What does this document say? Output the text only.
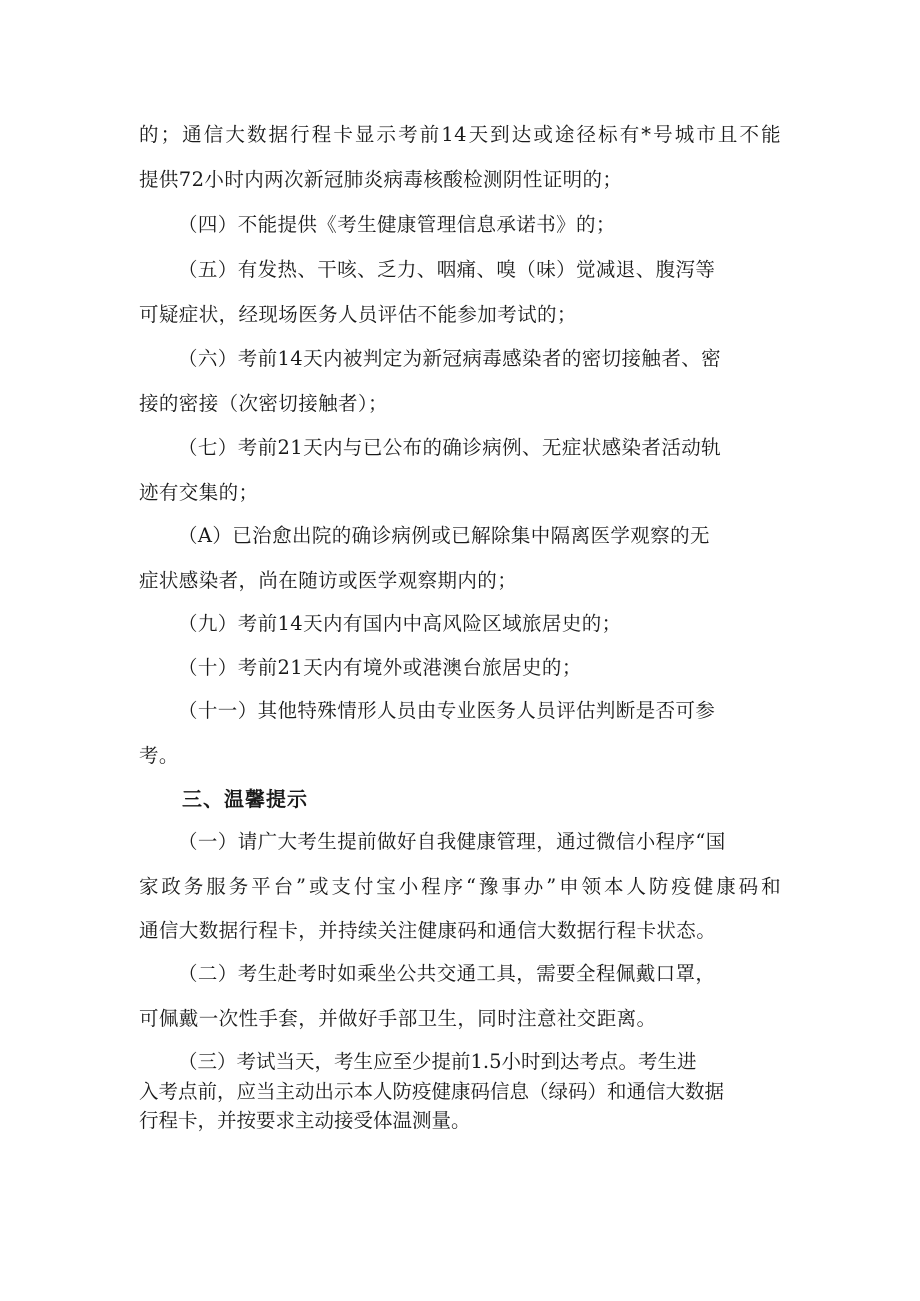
的；通信大数据行程卡显示考前14天到达或途径标有*号城市且不能
提供72小时内两次新冠肺炎病毒核酸检测阴性证明的；
（四）不能提供《考生健康管理信息承诺书》的；
（五）有发热、干咳、乏力、咽痛、嗅（味）觉减退、腹泻等
可疑症状，经现场医务人员评估不能参加考试的；
（六）考前14天内被判定为新冠病毒感染者的密切接触者、密
接的密接（次密切接触者）；
（七）考前21天内与已公布的确诊病例、无症状感染者活动轨
迹有交集的；
（A）已治愈出院的确诊病例或已解除集中隔离医学观察的无
症状感染者，尚在随访或医学观察期内的；
（九）考前14天内有国内中高风险区域旅居史的；
（十）考前21天内有境外或港澳台旅居史的；
（十一）其他特殊情形人员由专业医务人员评估判断是否可参
考。
三、温馨提示
（一）请广大考生提前做好自我健康管理，通过微信小程序“国
家政务服务平台”或支付宝小程序“豫事办”申领本人防疫健康码和
通信大数据行程卡，并持续关注健康码和通信大数据行程卡状态。
（二）考生赴考时如乘坐公共交通工具，需要全程佩戴口罩，
可佩戴一次性手套，并做好手部卫生，同时注意社交距离。
（三）考试当天，考生应至少提前1.5小时到达考点。考生进
入考点前，应当主动出示本人防疫健康码信息（绿码）和通信大数据
行程卡，并按要求主动接受体温测量。
